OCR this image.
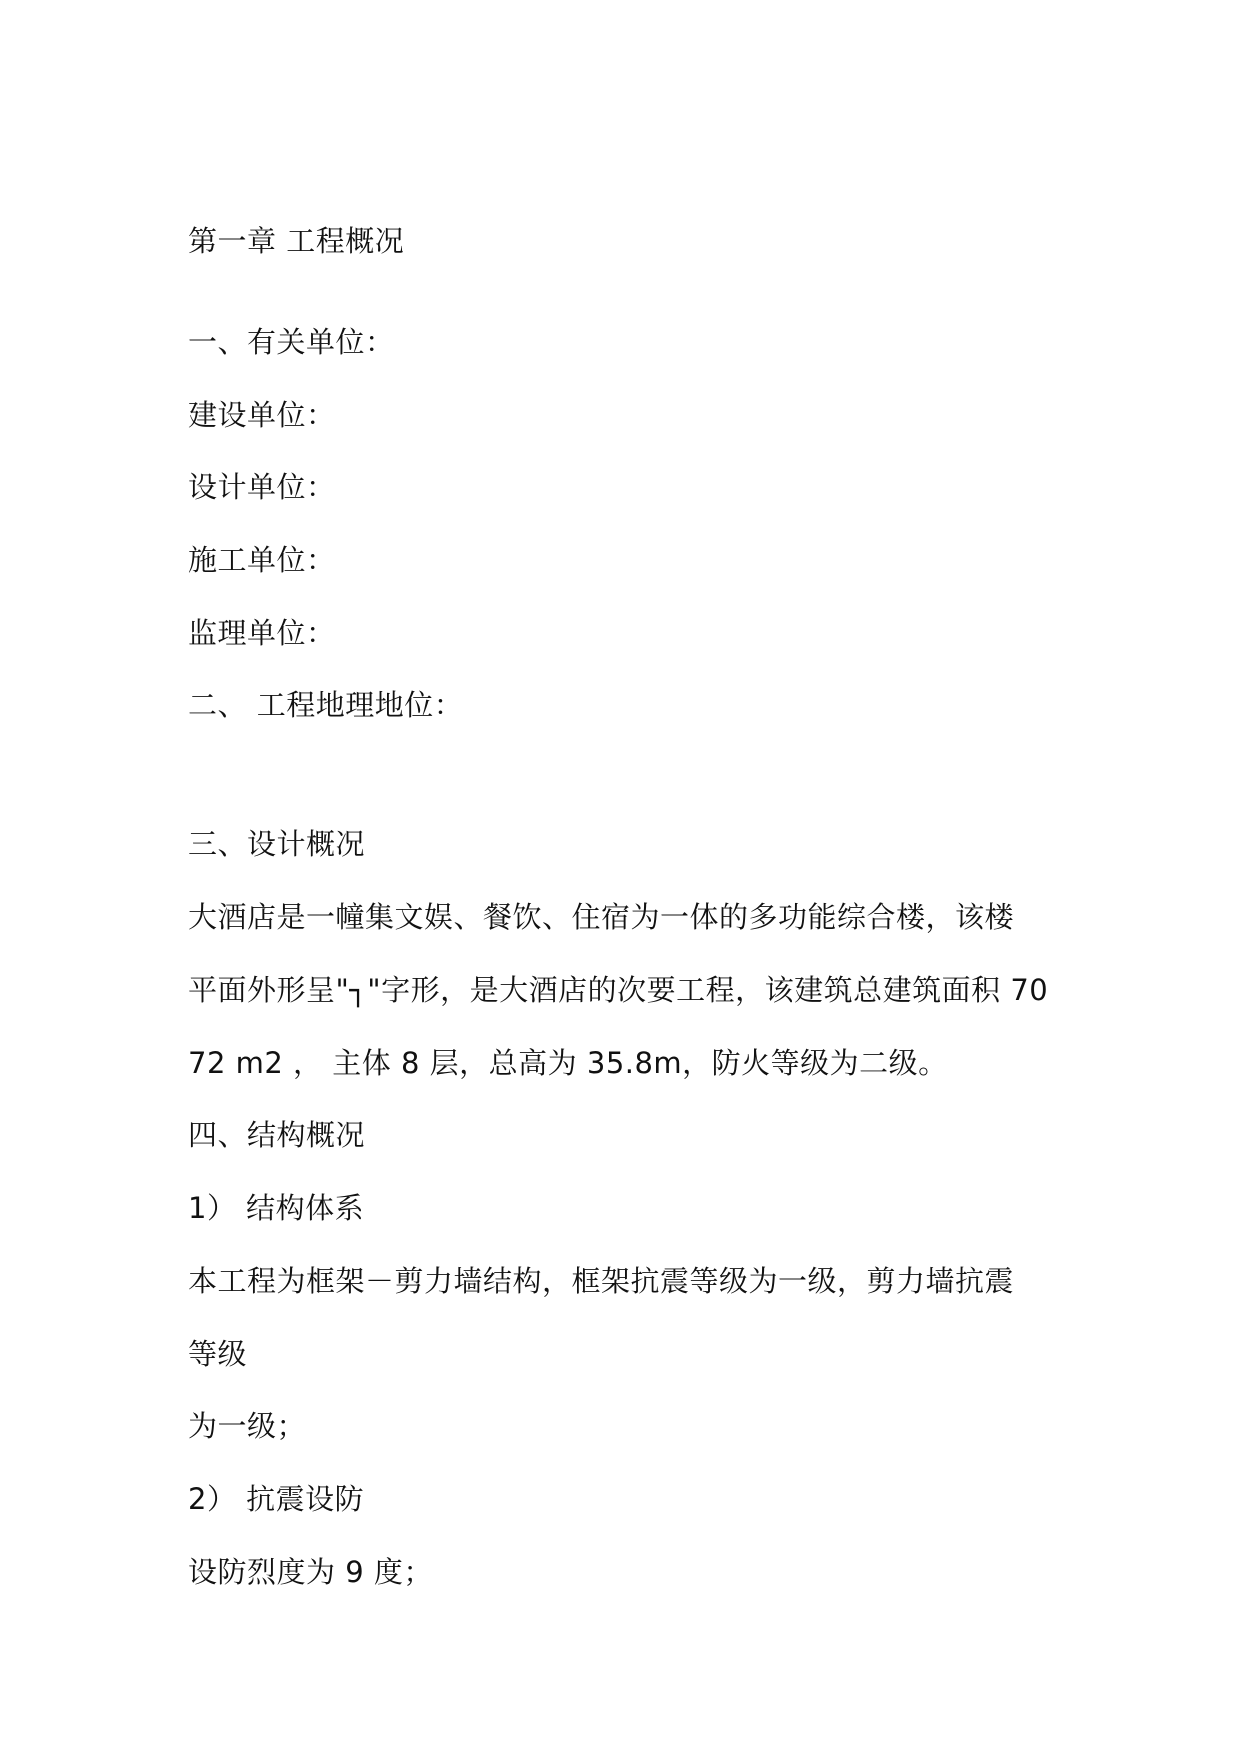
第一章 工程概况
一、有关单位：
建设单位：
设计单位：
施工单位：
监理单位：
二、 工程地理地位：
三、设计概况
大酒店是一幢集文娱、餐饮、住宿为一体的多功能综合楼，该楼
平面外形呈"┐"字形，是大酒店的次要工程，该建筑总建筑面积 70
72 m2 ， 主体 8 层，总高为 35.8m，防火等级为二级。
四、结构概况
1） 结构体系
本工程为框架－剪力墙结构，框架抗震等级为一级，剪力墙抗震
等级
为一级；
2） 抗震设防
设防烈度为 9 度；
